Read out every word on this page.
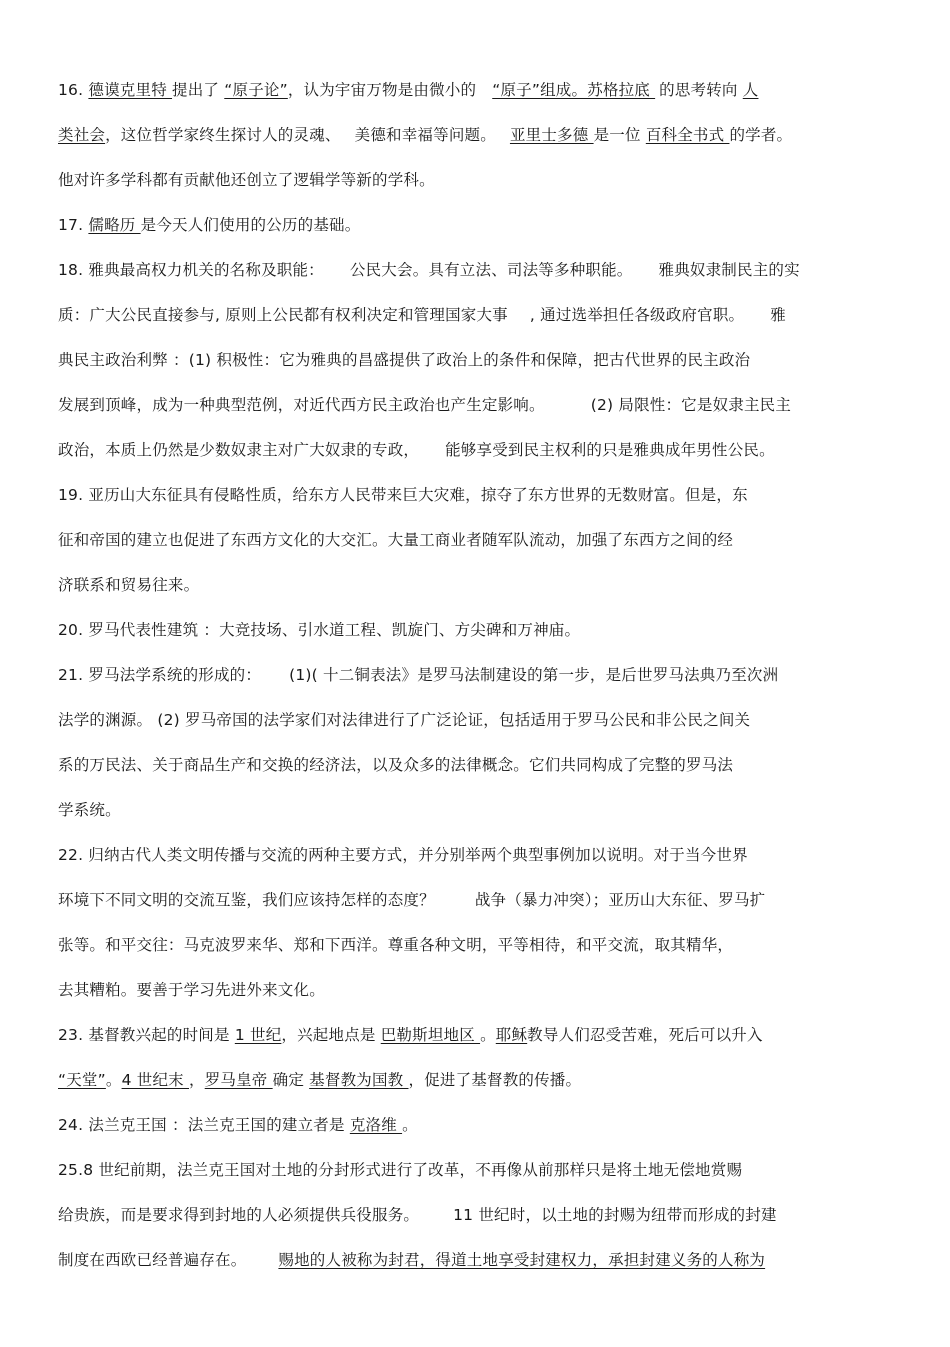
16. 德谟克里特 提出了 “原子论”，认为宇宙万物是由微小的 “原子”组成。苏格拉底 的思考转向 人
类社会，这位哲学家终生探讨人的灵魂、 美德和幸福等问题。 亚里士多德 是一位 百科全书式 的学者。
他对许多学科都有贡献他还创立了逻辑学等新的学科。
17. 儒略历 是今天人们使用的公历的基础。
18. 雅典最高权力机关的名称及职能： 公民大会。具有立法、司法等多种职能。 雅典奴隶制民主的实
质：广大公民直接参与, 原则上公民都有权利决定和管理国家大事 , 通过选举担任各级政府官职。 雅
典民主政治利弊 ：(1) 积极性：它为雅典的昌盛提供了政治上的条件和保障，把古代世界的民主政治
发展到顶峰，成为一种典型范例，对近代西方民主政治也产生定影响。	(2) 局限性：它是奴隶主民主
政治，本质上仍然是少数奴隶主对广大奴隶的专政， 能够享受到民主权利的只是雅典成年男性公民。
19. 亚历山大东征具有侵略性质，给东方人民带来巨大灾难，掠夺了东方世界的无数财富。但是，东
征和帝国的建立也促进了东西方文化的大交汇。大量工商业者随军队流动，加强了东西方之间的经
济联系和贸易往来。
20. 罗马代表性建筑 ：大竞技场、引水道工程、凯旋门、方尖碑和万神庙。
21. 罗马法学系统的形成的： (1)( 十二铜表法》是罗马法制建设的第一步，是后世罗马法典乃至次洲
法学的渊源。 (2) 罗马帝国的法学家们对法律进行了广泛论证，包括适用于罗马公民和非公民之间关
系的万民法、关于商品生产和交换的经济法，以及众多的法律概念。它们共同构成了完整的罗马法
学系统。
22. 归纳古代人类文明传播与交流的两种主要方式，并分别举两个典型事例加以说明。对于当今世界
环境下不同文明的交流互鉴，我们应该持怎样的态度？	战争（暴力冲突）；亚历山大东征、罗马扩
张等。和平交往：马克波罗来华、郑和下西洋。尊重各种文明，平等相待，和平交流，取其精华，
去其糟粕。要善于学习先进外来文化。
23. 基督教兴起的时间是 1 世纪，兴起地点是 巴勒斯坦地区 。耶稣教导人们忍受苦难，死后可以升入
“天堂”。4 世纪末 ，罗马皇帝 确定 基督教为国教 ，促进了基督教的传播。
24. 法兰克王国 ：法兰克王国的建立者是 克洛维 。
25.8 世纪前期，法兰克王国对土地的分封形式进行了改革，不再像从前那样只是将土地无偿地赏赐
给贵族，而是要求得到封地的人必须提供兵役服务。 11 世纪时，以土地的封赐为纽带而形成的封建
制度在西欧已经普遍存在。 赐地的人被称为封君，得道土地享受封建权力，承担封建义务的人称为
